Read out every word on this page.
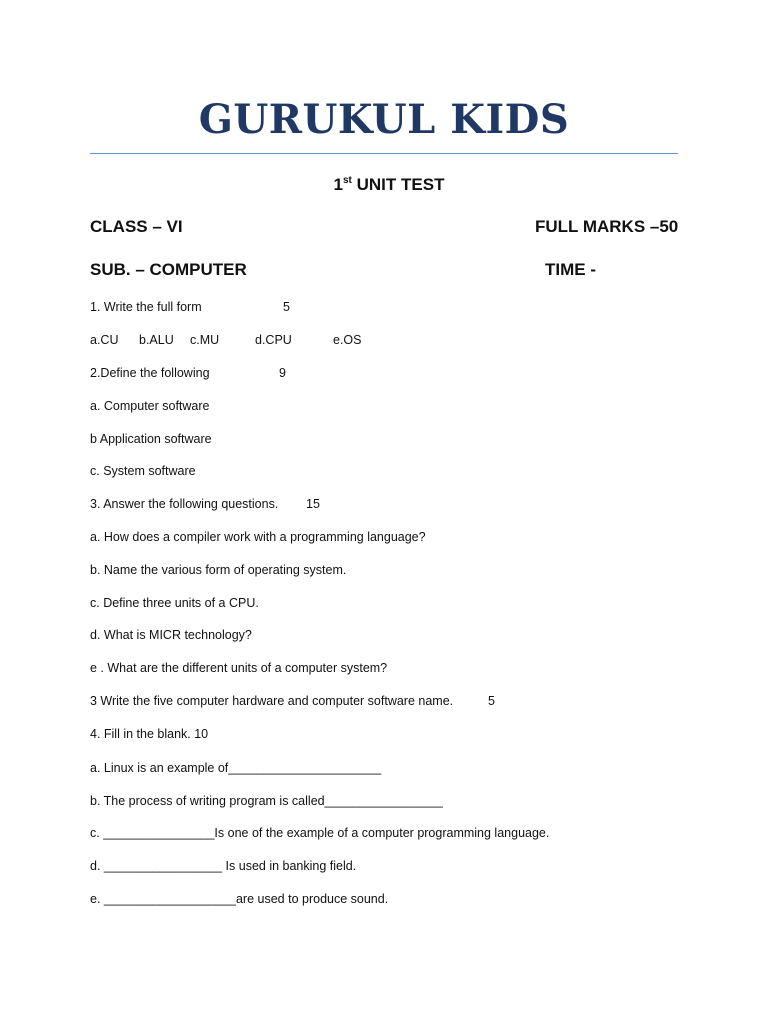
GURUKUL KIDS
1st UNIT TEST
CLASS – VI	FULL MARKS –50
SUB. – COMPUTER	TIME -
1. Write the full form	5
a.CU b.ALU c.MU	d.CPU	e.OS
2.Define the following	9
a. Computer software
b Application software
c. System software
3. Answer the following questions. 15
a. How does a compiler work with a programming language?
b. Name the various form of operating system.
c. Define three units of a CPU.
d. What is MICR technology?
e . What are the different units of a computer system?
3 Write the five computer hardware and computer software name.	5
4. Fill in the blank. 10
a. Linux is an example of______________________
b. The process of writing program is called_________________
c. ________________Is one of the example of a computer programming language.
d. _________________ Is used in banking field.
e. ___________________are used to produce sound.
